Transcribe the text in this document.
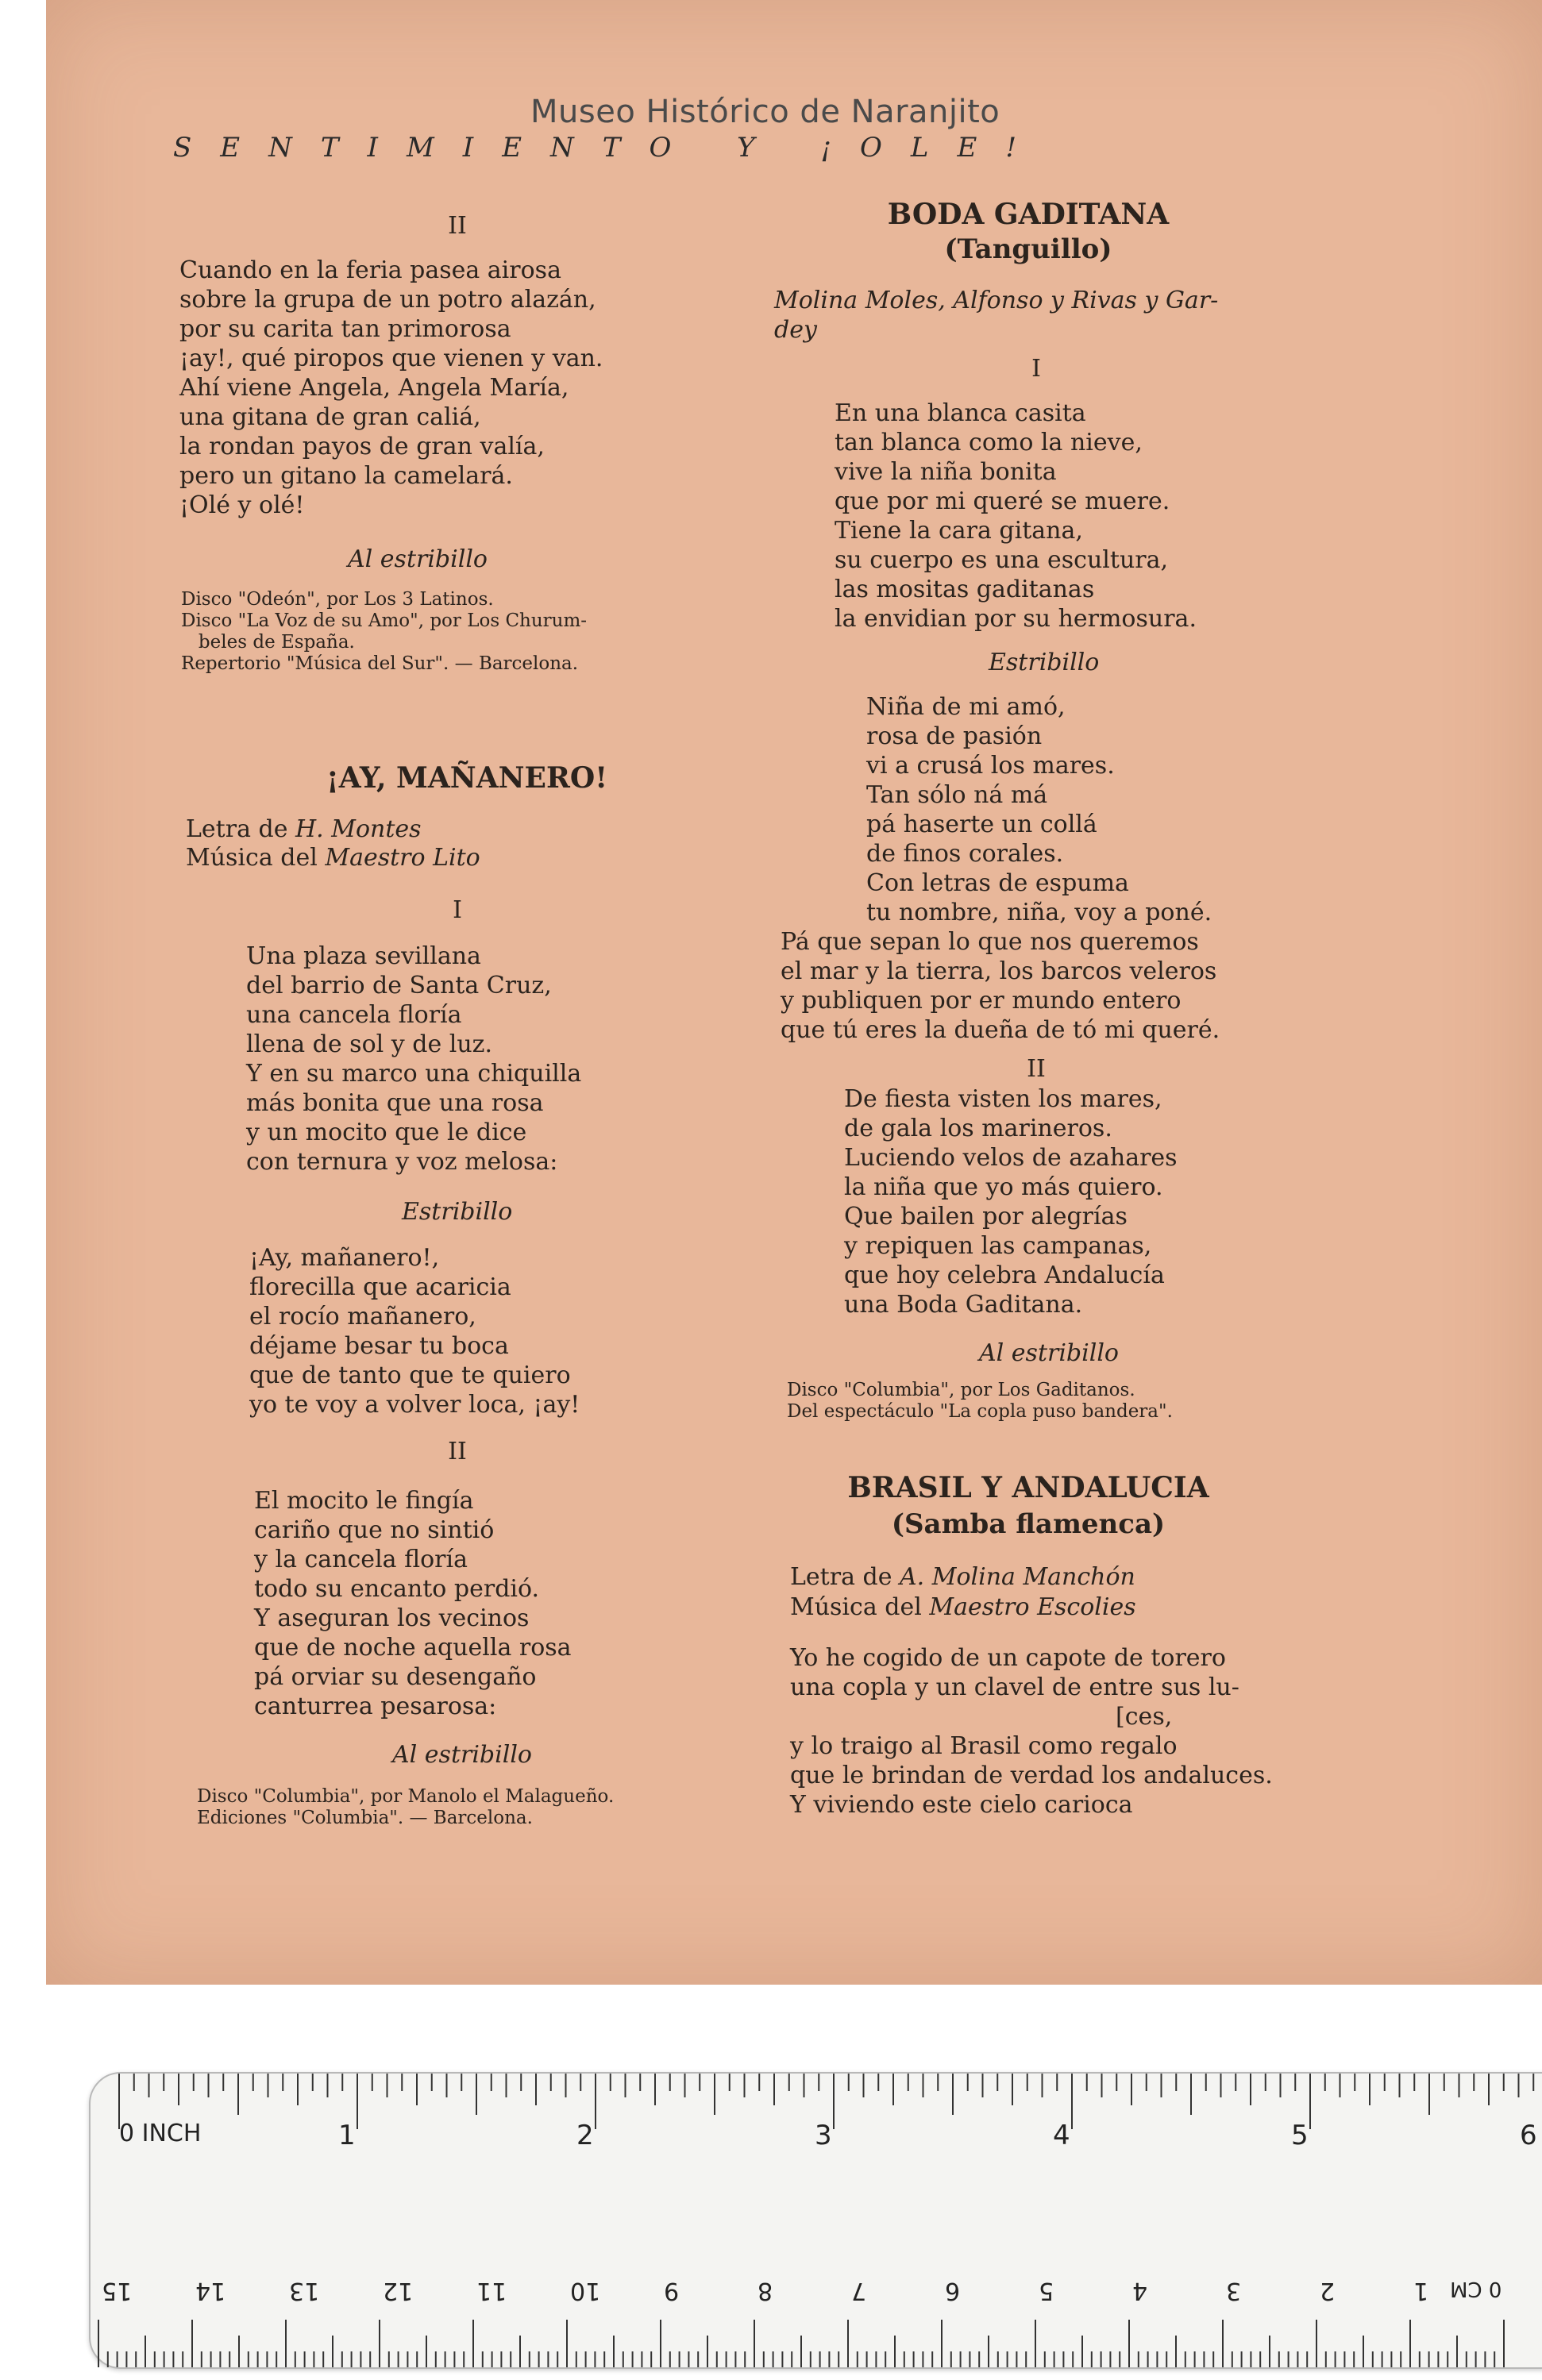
Museo Histórico de Naranjito
SENTIMIENTO Y ¡OLE!
II
Cuando en la feria pasea airosa
sobre la grupa de un potro alazán,
por su carita tan primorosa
¡ay!, qué piropos que vienen y van.
Ahí viene Angela, Angela María,
una gitana de gran caliá,
la rondan payos de gran valía,
pero un gitano la camelará.
¡Olé y olé!
Al estribillo
Disco "Odeón", por Los 3 Latinos.
Disco "La Voz de su Amo", por Los Churum-
beles de España.
Repertorio "Música del Sur". — Barcelona.
¡AY, MAÑANERO!
Letra de H. Montes
Música del Maestro Lito
I
Una plaza sevillana
del barrio de Santa Cruz,
una cancela floría
llena de sol y de luz.
Y en su marco una chiquilla
más bonita que una rosa
y un mocito que le dice
con ternura y voz melosa:
Estribillo
¡Ay, mañanero!,
florecilla que acaricia
el rocío mañanero,
déjame besar tu boca
que de tanto que te quiero
yo te voy a volver loca, ¡ay!
II
El mocito le fingía
cariño que no sintió
y la cancela floría
todo su encanto perdió.
Y aseguran los vecinos
que de noche aquella rosa
pá orviar su desengaño
canturrea pesarosa:
Al estribillo
Disco "Columbia", por Manolo el Malagueño.
Ediciones "Columbia". — Barcelona.
BODA GADITANA
(Tanguillo)
Molina Moles, Alfonso y Rivas y Gar-
dey
I
En una blanca casita
tan blanca como la nieve,
vive la niña bonita
que por mi queré se muere.
Tiene la cara gitana,
su cuerpo es una escultura,
las mositas gaditanas
la envidian por su hermosura.
Estribillo
Niña de mi amó,
rosa de pasión
vi a crusá los mares.
Tan sólo ná má
pá haserte un collá
de finos corales.
Con letras de espuma
tu nombre, niña, voy a poné.
Pá que sepan lo que nos queremos
el mar y la tierra, los barcos veleros
y publiquen por er mundo entero
que tú eres la dueña de tó mi queré.
II
De fiesta visten los mares,
de gala los marineros.
Luciendo velos de azahares
la niña que yo más quiero.
Que bailen por alegrías
y repiquen las campanas,
que hoy celebra Andalucía
una Boda Gaditana.
Al estribillo
Disco "Columbia", por Los Gaditanos.
Del espectáculo "La copla puso bandera".
BRASIL Y ANDALUCIA
(Samba flamenca)
Letra de A. Molina Manchón
Música del Maestro Escolies
Yo he cogido de un capote de torero
una copla y un clavel de entre sus lu-
[ces,
y lo traigo al Brasil como regalo
que le brindan de verdad los andaluces.
Y viviendo este cielo carioca
0 INCH
0 CM
1	2	3	4	5	6
1
2
3
4
5
6
7
8
9
10
11
12
13
14
15
